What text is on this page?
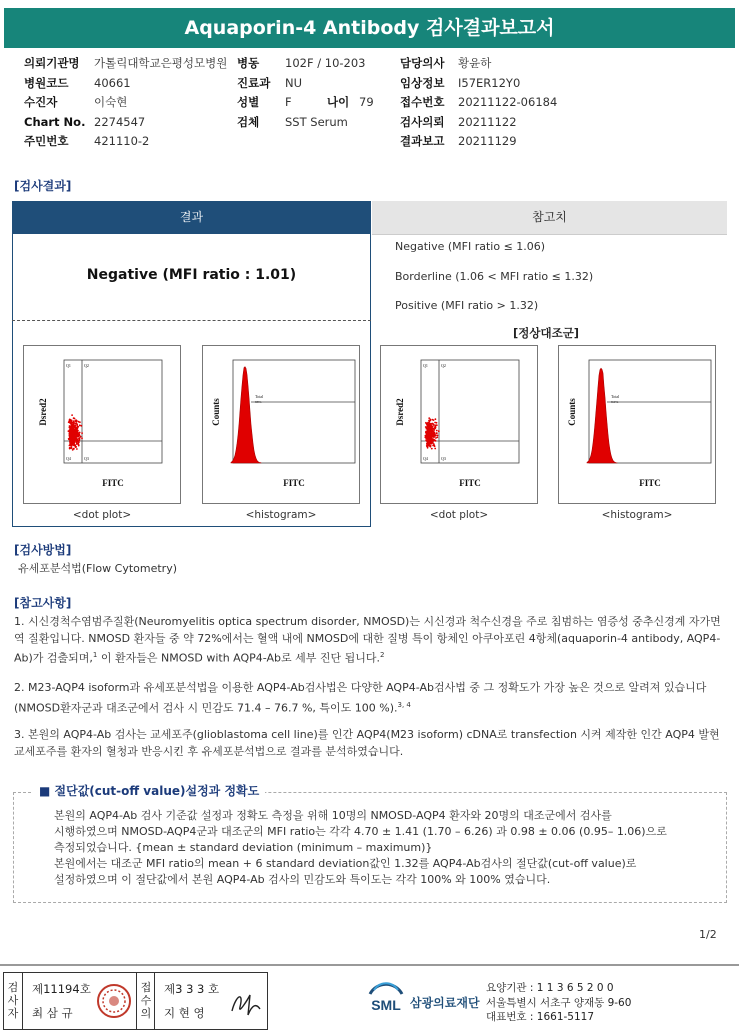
Aquaporin-4 Antibody 검사결과보고서
의뢰기관명	가톨릭대학교은평성모병원
병원코드	40661
수진자	이숙현
Chart No. 2274547
주민번호	421110-2
병동	102F / 10-203
진료과	NU
성별	F	나이 79
검체	SST Serum
담당의사	황윤하
임상정보	I57ER12Y0
접수번호	20211122-06184
검사의뢰	20211122
결과보고	20211129
[검사결과]
결과	참고치
Negative (MFI ratio : 1.01)
Negative (MFI ratio ≤ 1.06)
Borderline (1.06 < MFI ratio ≤ 1.32)
Positive (MFI ratio > 1.32)
[정상대조군]
Q1	Q2
Q4	Q3
FITC
Dsred2
Total
88%
FITC
Counts
Q1	Q2
Q4	Q3
FITC
Dsred2
Total
8.9%
FITC
Counts
<dot plot>	<histogram>	<dot plot>	<histogram>
[검사방법]
유세포분석법(Flow Cytometry)
[참고사항]
1. 시신경척수염범주질환(Neuromyelitis optica spectrum disorder, NMOSD)는 시신경과 척수신경을 주로 침범하는 염증성 중추신경계 자가면역 질환입니다. NMOSD 환자들 중 약 72%에서는 혈액 내에 NMOSD에 대한 질병 특이 항체인 아쿠아포린 4항체(aquaporin-4 antibody, AQP4-Ab)가 검출되며,$^1$ 이 환자들은 NMOSD with AQP4-Ab로 세부 진단 됩니다.$^2$
2. M23-AQP4 isoform과 유세포분석법을 이용한 AQP4-Ab검사법은 다양한 AQP4-Ab검사법 중 그 정확도가 가장 높은 것으로 알려져 있습니다(NMOSD환자군과 대조군에서 검사 시 민감도 71.4 – 76.7 %, 특이도 100 %).$^{3, 4}$
3. 본원의 AQP4-Ab 검사는 교세포주(glioblastoma cell line)를 인간 AQP4(M23 isoform) cDNA로 transfection 시켜 제작한 인간 AQP4 발현 교세포주를 환자의 혈청과 반응시킨 후 유세포분석법으로 결과를 분석하였습니다.
■ 절단값(cut-off value)설정과 정확도
본원의 AQP4-Ab 검사 기준값 설정과 정확도 측정을 위해 10명의 NMOSD-AQP4 환자와 20명의 대조군에서 검사를
시행하였으며 NMOSD-AQP4군과 대조군의 MFI ratio는 각각 4.70 ± 1.41 (1.70 – 6.26) 과 0.98 ± 0.06 (0.95– 1.06)으로
측정되었습니다. {mean ± standard deviation (minimum – maximum)}
본원에서는 대조군 MFI ratio의 mean + 6 standard deviation값인 1.32를 AQP4-Ab검사의 절단값(cut-off value)로
설정하였으며 이 절단값에서 본원 AQP4-Ab 검사의 민감도와 특이도는 각각 100% 와 100% 였습니다.
1/2
검사자
제11194호
최 삼 규
접수의
제3 3 3 호
지 현 영	SML 삼광의료재단
요양기관 : 1 1 3 6 5 2 0 0
서울특별시 서초구 양재동 9-60
대표번호 : 1661-5117
